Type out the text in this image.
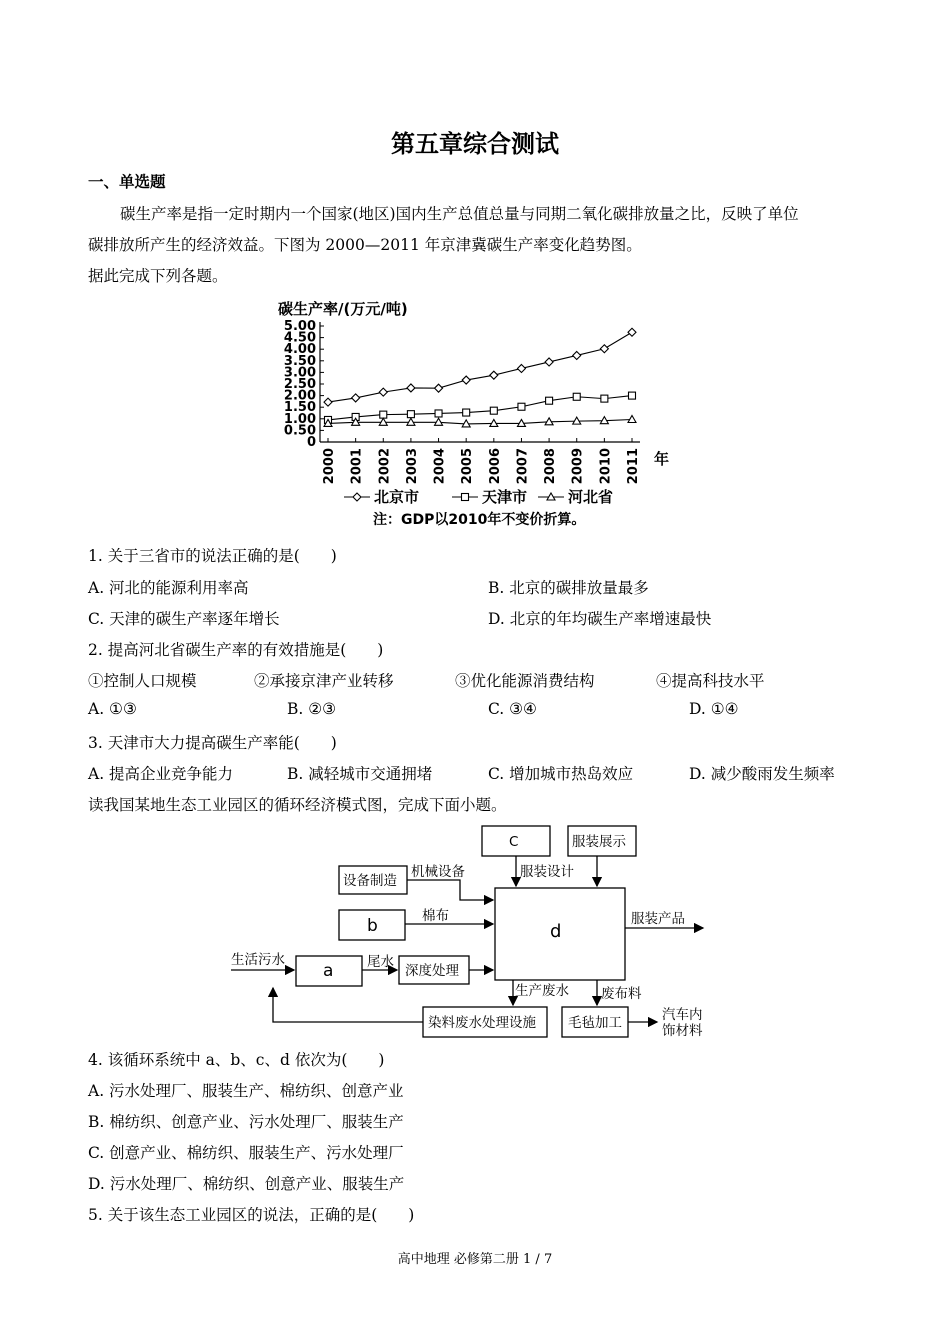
第五章综合测试
一、单选题
碳生产率是指一定时期内一个国家(地区)国内生产总值总量与同期二氧化碳排放量之比，反映了单位
碳排放所产生的经济效益。下图为 2000—2011 年京津冀碳生产率变化趋势图。
据此完成下列各题。
碳生产率/(万元/吨)
0
0.50
1.00
1.50
2.00
2.50
3.00
3.50
4.00
4.50
5.00
2000 2001 2002 2003 2004 2005 2006 2007 2008 2009 2010 2011 年
北京市	天津市	河北省
注：GDP以2010年不变价折算。
1. 关于三省市的说法正确的是(　　)
A. 河北的能源利用率高	B. 北京的碳排放量最多
C. 天津的碳生产率逐年增长	D. 北京的年均碳生产率增速最快
2. 提高河北省碳生产率的有效措施是(　　)
①控制人口规模	②承接京津产业转移	③优化能源消费结构	④提高科技水平
A. ①③	B. ②③	C. ③④	D. ①④
3. 天津市大力提高碳生产率能(　　)
A. 提高企业竞争能力	B. 减轻城市交通拥堵	C. 增加城市热岛效应	D. 减少酸雨发生频率
读我国某地生态工业园区的循环经济模式图，完成下面小题。
C	服装展示
服装设计
设备制造
机械设备
b	棉布
d
服装产品
生活污水
a 尾水
深度处理
生产废水 废布料
染料废水处理设施 毛毡加工	汽车内
饰材料
4. 该循环系统中 a、b、c、d 依次为(　　)
A. 污水处理厂、服装生产、棉纺织、创意产业
B. 棉纺织、创意产业、污水处理厂、服装生产
C. 创意产业、棉纺织、服装生产、污水处理厂
D. 污水处理厂、棉纺织、创意产业、服装生产
5. 关于该生态工业园区的说法，正确的是(　　)
高中地理 必修第二册 1 / 7
